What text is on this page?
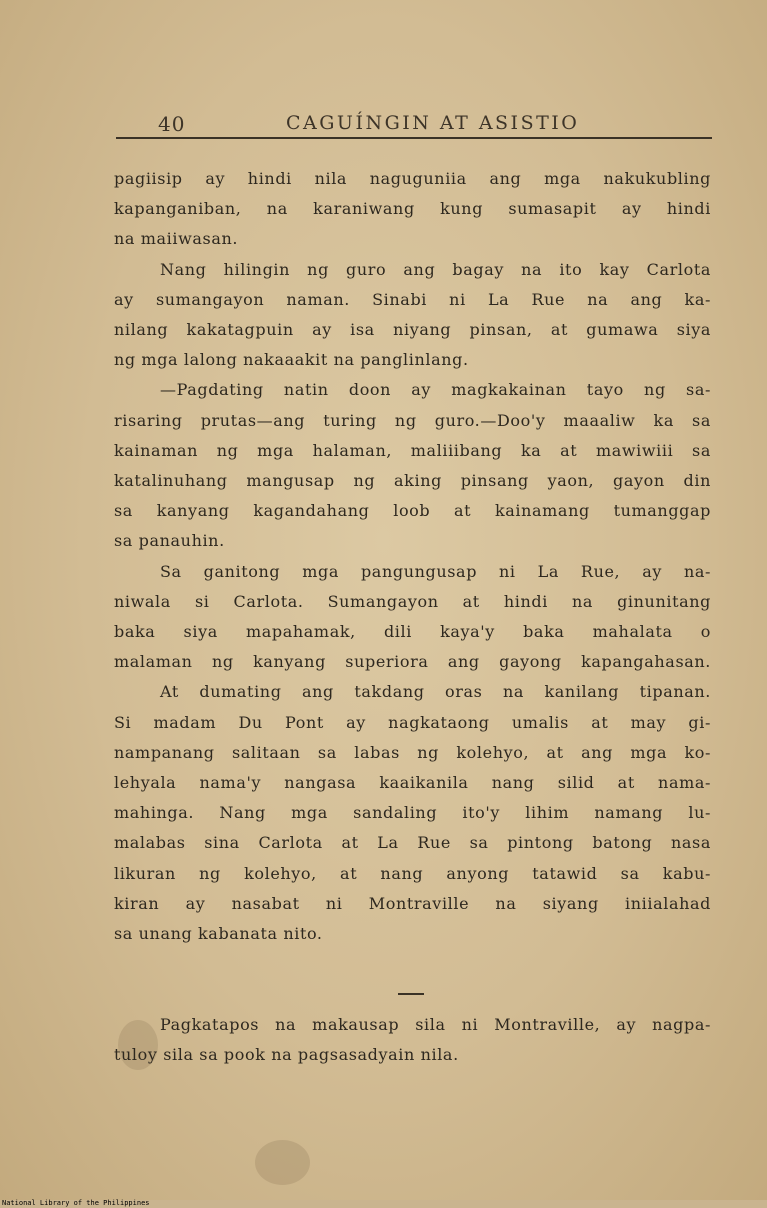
40	CAGUÍNGIN AT ASISTIO
pagiisip ay hindi nila naguguniia ang mga nakukubling
kapanganiban, na karaniwang kung sumasapit ay hindi
na maiiwasan.
Nang hilingin ng guro ang bagay na ito kay Carlota
ay sumangayon naman. Sinabi ni La Rue na ang ka-
nilang kakatagpuin ay isa niyang pinsan, at gumawa siya
ng mga lalong nakaaakit na panglinlang.
—Pagdating natin doon ay magkakainan tayo ng sa-
risaring prutas—ang turing ng guro.—Doo'y maaaliw ka sa
kainaman ng mga halaman, maliiibang ka at mawiwiii sa
katalinuhang mangusap ng aking pinsang yaon, gayon din
sa kanyang kagandahang loob at kainamang tumanggap
sa panauhin.
Sa ganitong mga pangungusap ni La Rue, ay na-
niwala si Carlota. Sumangayon at hindi na ginunitang
baka siya mapahamak, dili kaya'y baka mahalata o
malaman ng kanyang superiora ang gayong kapangahasan.
At dumating ang takdang oras na kanilang tipanan.
Si madam Du Pont ay nagkataong umalis at may gi-
nampanang salitaan sa labas ng kolehyo, at ang mga ko-
lehyala nama'y nangasa kaaikanila nang silid at nama-
mahinga. Nang mga sandaling ito'y lihim namang lu-
malabas sina Carlota at La Rue sa pintong batong nasa
likuran ng kolehyo, at nang anyong tatawid sa kabu-
kiran ay nasabat ni Montraville na siyang iniialahad
sa unang kabanata nito.
Pagkatapos na makausap sila ni Montraville, ay nagpa-
tuloy sila sa pook na pagsasadyain nila.
National Library of the Philippines
